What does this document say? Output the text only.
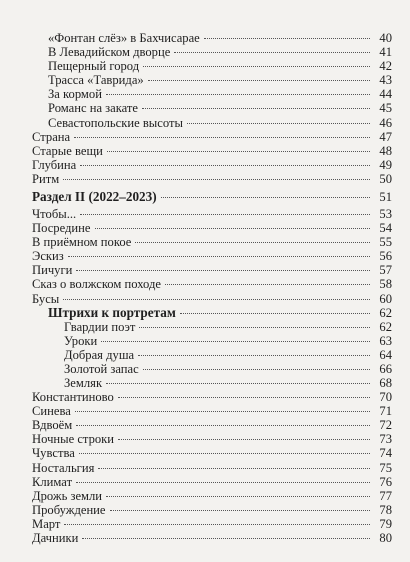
«Фонтан слёз» в Бахчисарае	40
В Левадийском дворце	41
Пещерный город	42
Трасса «Таврида»	43
За кормой	44
Романс на закате	45
Севастопольские высоты	46
Страна	47
Старые вещи	48
Глубина	49
Ритм	50
Раздел II (2022–2023)	51
Чтобы...	53
Посредине	54
В приёмном покое	55
Эскиз	56
Пичуги	57
Сказ о волжском походе	58
Бусы	60
Штрихи к портретам	62
Гвардии поэт	62
Уроки	63
Добрая душа	64
Золотой запас	66
Земляк	68
Константиново	70
Синева	71
Вдвоём	72
Ночные строки	73
Чувства	74
Ностальгия	75
Климат	76
Дрожь земли	77
Пробуждение	78
Март	79
Дачники	80
